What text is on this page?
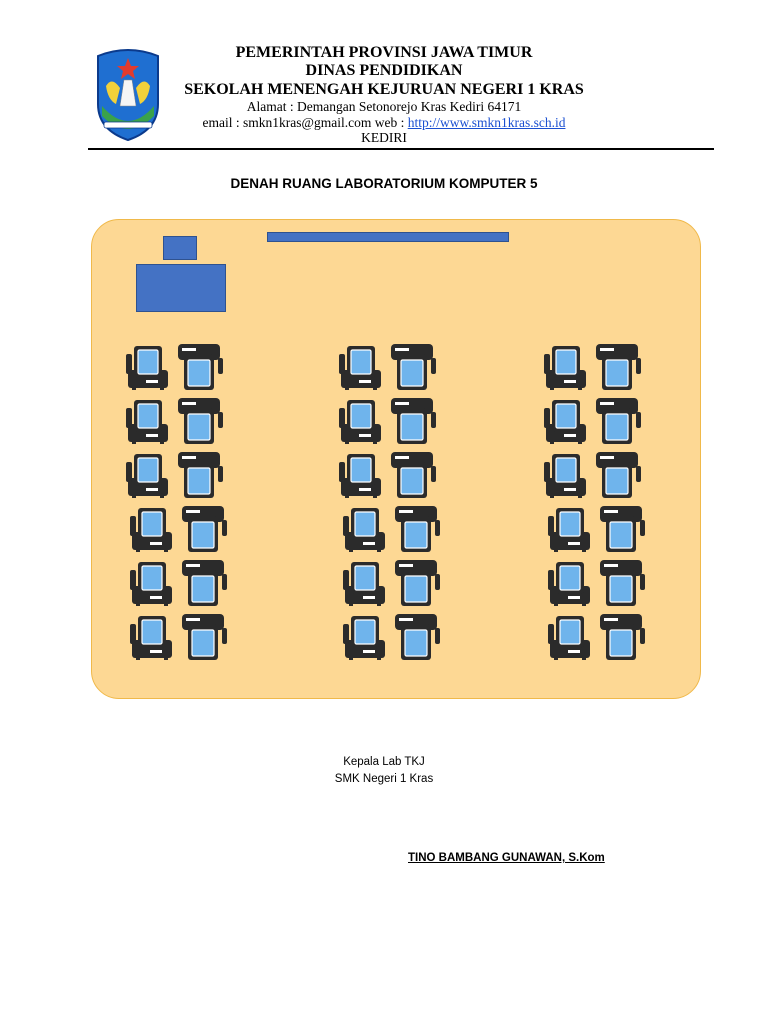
PEMERINTAH PROVINSI JAWA TIMUR
DINAS PENDIDIKAN
SEKOLAH MENENGAH KEJURUAN NEGERI 1 KRAS
Alamat : Demangan Setonorejo Kras Kediri 64171
email : smkn1kras@gmail.com web : http://www.smkn1kras.sch.id
KEDIRI
DENAH RUANG LABORATORIUM KOMPUTER 5
Kepala Lab TKJ
SMK Negeri 1 Kras
TINO BAMBANG GUNAWAN, S.Kom
